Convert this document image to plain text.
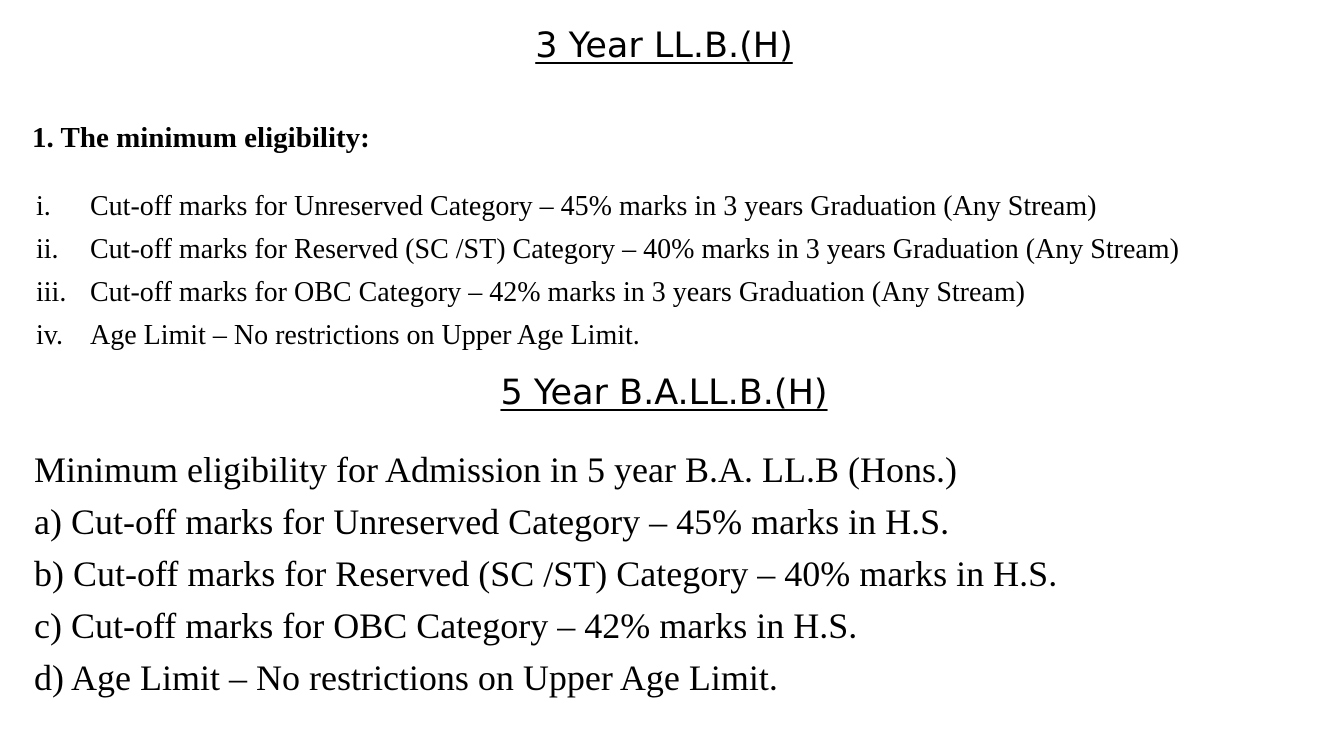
3 Year LL.B.(H)
1. The minimum eligibility:
i. Cut-off marks for Unreserved Category – 45% marks in 3 years Graduation (Any Stream)
ii. Cut-off marks for Reserved (SC /ST) Category – 40% marks in 3 years Graduation (Any Stream)
iii. Cut-off marks for OBC Category – 42% marks in 3 years Graduation (Any Stream)
iv. Age Limit – No restrictions on Upper Age Limit.
5 Year B.A.LL.B.(H)
Minimum eligibility for Admission in 5 year B.A. LL.B (Hons.)
a) Cut-off marks for Unreserved Category – 45% marks in H.S.
b) Cut-off marks for Reserved (SC /ST) Category – 40% marks in H.S.
c) Cut-off marks for OBC Category – 42% marks in H.S.
d) Age Limit – No restrictions on Upper Age Limit.
